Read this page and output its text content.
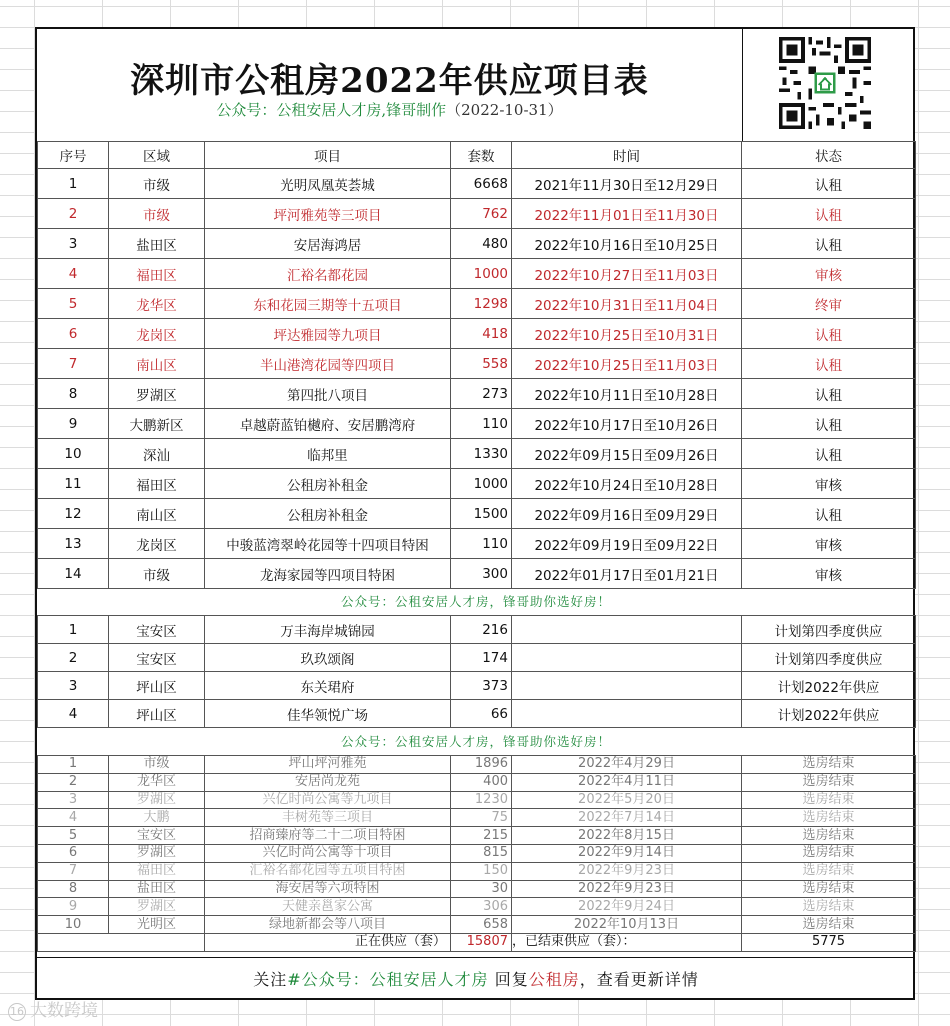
深圳市公租房2022年供应项目表
公众号：公租安居人才房,锋哥制作（2022-10-31）
序号	区域	项目	套数	时间	状态
1	市级	光明凤凰英荟城	6668	2021年11月30日至12月29日	认租
2	市级	坪河雅苑等三项目	762	2022年11月01日至11月30日	认租
3	盐田区	安居海鸿居	480	2022年10月16日至10月25日	认租
4	福田区	汇裕名都花园	1000	2022年10月27日至11月03日	审核
5	龙华区	东和花园三期等十五项目	1298	2022年10月31日至11月04日	终审
6	龙岗区	坪达雅园等九项目	418	2022年10月25日至10月31日	认租
7	南山区	半山港湾花园等四项目	558	2022年10月25日至11月03日	认租
8	罗湖区	第四批八项目	273	2022年10月11日至10月28日	认租
9	大鹏新区	卓越蔚蓝铂樾府、安居鹏湾府	110	2022年10月17日至10月26日	认租
10	深汕	临邦里	1330	2022年09月15日至09月26日	认租
11	福田区	公租房补租金	1000	2022年10月24日至10月28日	审核
12	南山区	公租房补租金	1500	2022年09月16日至09月29日	认租
13	龙岗区	中骏蓝湾翠岭花园等十四项目特困	110	2022年09月19日至09月22日	审核
14	市级	龙海家园等四项目特困	300	2022年01月17日至01月21日	审核
公众号：公租安居人才房，锋哥助你选好房！
1	宝安区	万丰海岸城锦园	216		计划第四季度供应
2	宝安区	玖玖颂阁	174		计划第四季度供应
3	坪山区	东关珺府	373		计划2022年供应
4	坪山区	佳华领悦广场	66		计划2022年供应
公众号：公租安居人才房，锋哥助你选好房！
1	市级	坪山坪河雅苑	1896	2022年4月29日	选房结束
2	龙华区	安居尚龙苑	400	2022年4月11日	选房结束
3	罗湖区	兴亿时尚公寓等九项目	1230	2022年5月20日	选房结束
4	大鹏	丰树苑等三项目	75	2022年7月14日	选房结束
5	宝安区	招商臻府等二十二项目特困	215	2022年8月15日	选房结束
6	罗湖区	兴亿时尚公寓等十项目	815	2022年9月14日	选房结束
7	福田区	汇裕名都花园等五项目特困	150	2022年9月23日	选房结束
8	盐田区	海安居等六项特困	30	2022年9月23日	选房结束
9	罗湖区	天健亲邕家公寓	306	2022年9月24日	选房结束
10	光明区	绿地新都会等八项目	658	2022年10月13日	选房结束
		正在供应（套）	15807	，已结束供应（套）：	5775
关注#公众号：公租安居人才房 回复公租房，查看更新详情
16 大数跨境
